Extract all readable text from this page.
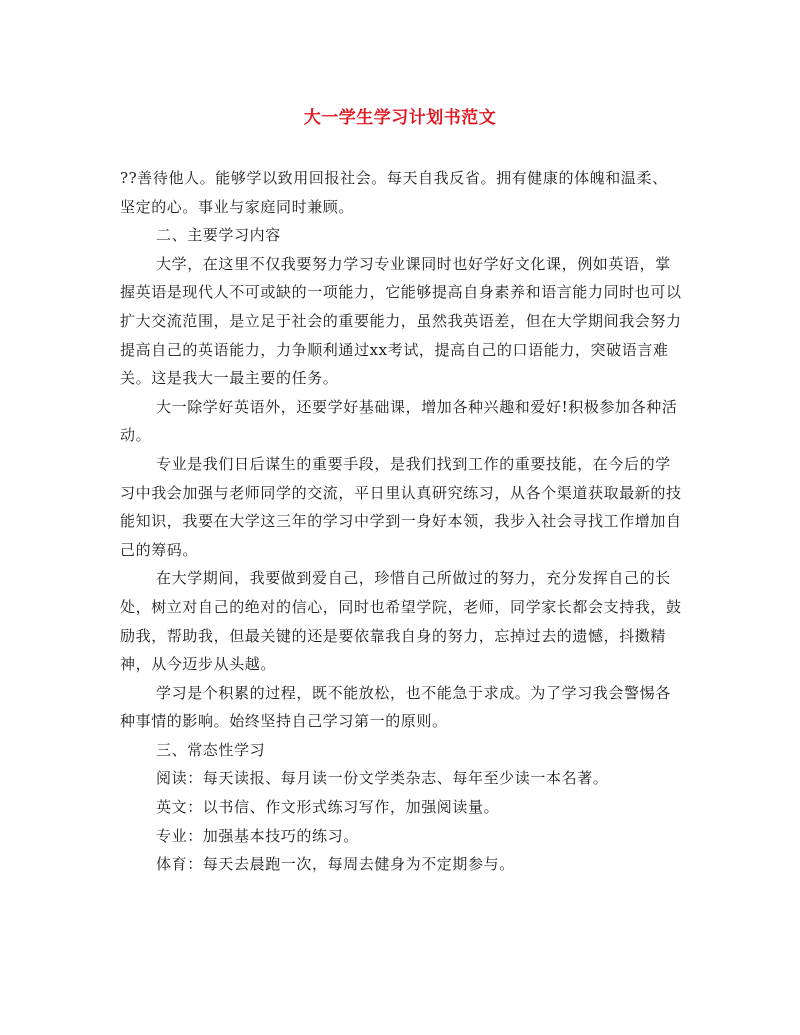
大一学生学习计划书范文

??善待他人。能够学以致用回报社会。每天自我反省。拥有健康的体魄和温柔、坚定的心。事业与家庭同时兼顾。

二、主要学习内容

大学，在这里不仅我要努力学习专业课同时也好学好文化课，例如英语，掌握英语是现代人不可或缺的一项能力，它能够提高自身素养和语言能力同时也可以扩大交流范围，是立足于社会的重要能力，虽然我英语差，但在大学期间我会努力提高自己的英语能力，力争顺利通过xx考试，提高自己的口语能力，突破语言难关。这是我大一最主要的任务。

大一除学好英语外，还要学好基础课，增加各种兴趣和爱好!积极参加各种活动。

专业是我们日后谋生的重要手段，是我们找到工作的重要技能，在今后的学习中我会加强与老师同学的交流，平日里认真研究练习，从各个渠道获取最新的技能知识，我要在大学这三年的学习中学到一身好本领，我步入社会寻找工作增加自己的筹码。

在大学期间，我要做到爱自己，珍惜自己所做过的努力，充分发挥自己的长处，树立对自己的绝对的信心，同时也希望学院，老师，同学家长都会支持我，鼓励我，帮助我，但最关键的还是要依靠我自身的努力，忘掉过去的遗憾，抖擞精神，从今迈步从头越。

学习是个积累的过程，既不能放松，也不能急于求成。为了学习我会警惕各种事情的影响。始终坚持自己学习第一的原则。

三、常态性学习

阅读：每天读报、每月读一份文学类杂志、每年至少读一本名著。

英文：以书信、作文形式练习写作，加强阅读量。

专业：加强基本技巧的练习。

体育：每天去晨跑一次，每周去健身为不定期参与。
